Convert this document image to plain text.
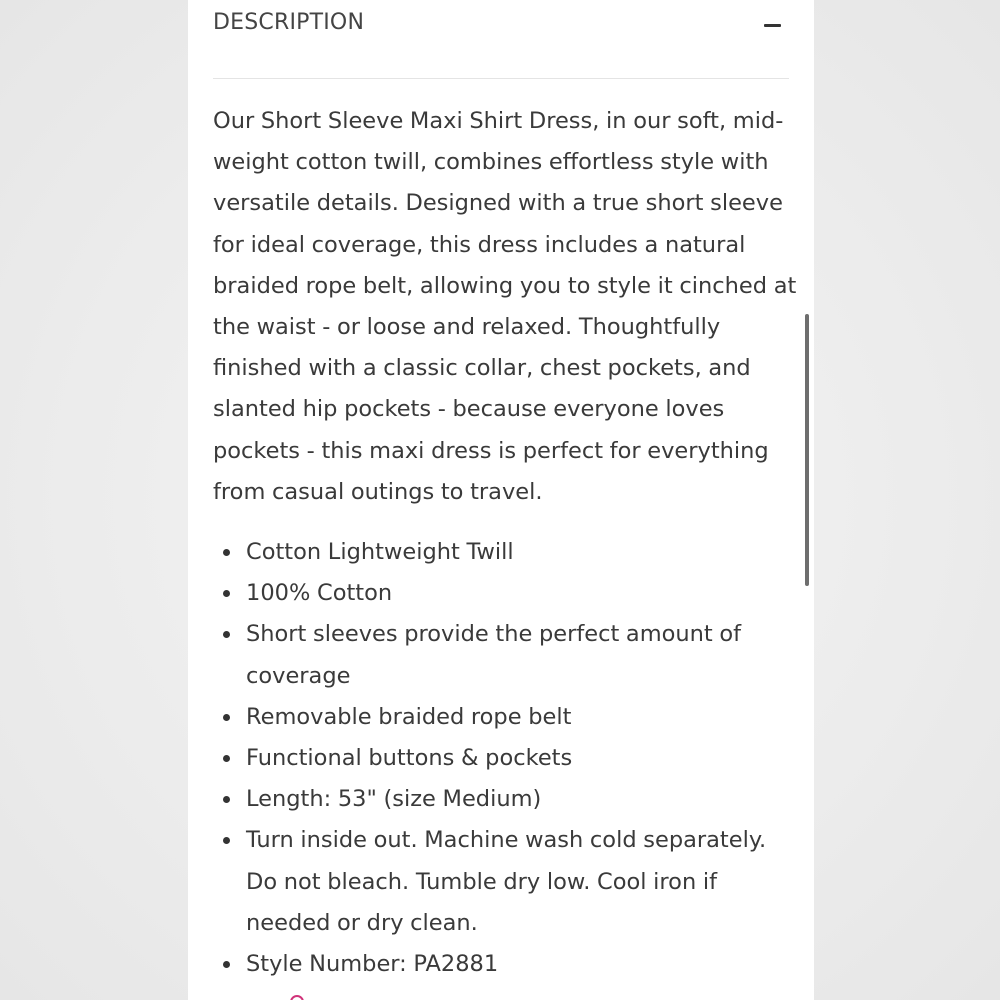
DESCRIPTION

Our Short Sleeve Maxi Shirt Dress, in our soft, mid-weight cotton twill, combines effortless style with versatile details. Designed with a true short sleeve for ideal coverage, this dress includes a natural braided rope belt, allowing you to style it cinched at the waist - or loose and relaxed. Thoughtfully finished with a classic collar, chest pockets, and slanted hip pockets - because everyone loves pockets - this maxi dress is perfect for everything from casual outings to travel.

Cotton Lightweight Twill
100% Cotton
Short sleeves provide the perfect amount of coverage
Removable braided rope belt
Functional buttons & pockets
Length: 53" (size Medium)
Turn inside out. Machine wash cold separately. Do not bleach. Tumble dry low. Cool iron if needed or dry clean.
Style Number: PA2881
